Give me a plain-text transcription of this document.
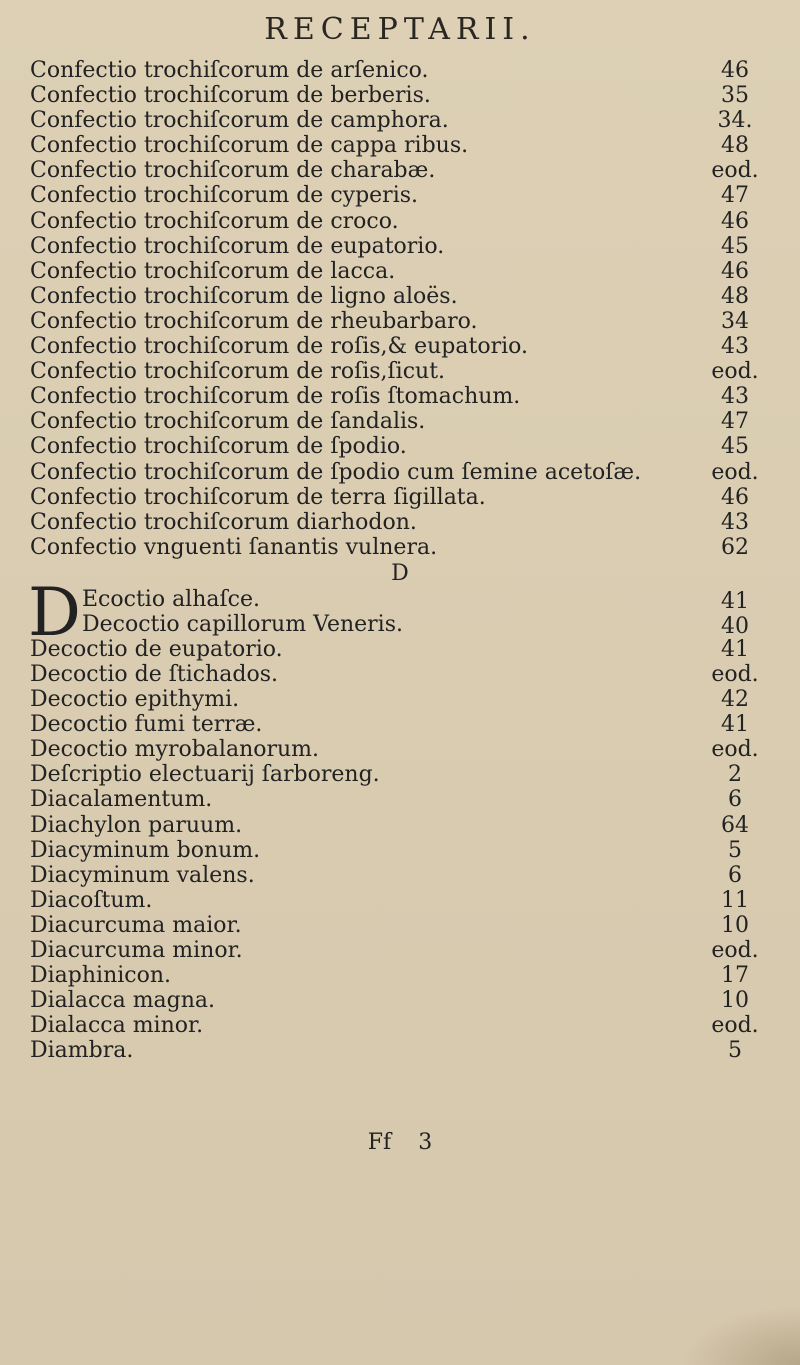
RECEPTARII.
Confectio trochiſcorum de arſenico.	46
Confectio trochiſcorum de berberis.	35
Confectio trochiſcorum de camphora.	34.
Confectio trochiſcorum de cappa ribus.	48
Confectio trochiſcorum de charabæ.	eod.
Confectio trochiſcorum de cyperis.	47
Confectio trochiſcorum de croco.	46
Confectio trochiſcorum de eupatorio.	45
Confectio trochiſcorum de lacca.	46
Confectio trochiſcorum de ligno aloës.	48
Confectio trochiſcorum de rheubarbaro.	34
Confectio trochiſcorum de roſis,& eupatorio.	43
Confectio trochiſcorum de roſis,ſicut.	eod.
Confectio trochiſcorum de roſis ſtomachum.	43
Confectio trochiſcorum de ſandalis.	47
Confectio trochiſcorum de ſpodio.	45
Confectio trochiſcorum de ſpodio cum ſemine acetoſæ.	eod.
Confectio trochiſcorum de terra ſigillata.	46
Confectio trochiſcorum diarhodon.	43
Confectio vnguenti ſanantis vulnera.	62
D
D Ecoctio alhaſce.	41
Decoctio capillorum Veneris.	40
Decoctio de eupatorio.	41
Decoctio de ſtichados.	eod.
Decoctio epithymi.	42
Decoctio fumi terræ.	41
Decoctio myrobalanorum.	eod.
Deſcriptio electuarij ſarboreng.	2
Diacalamentum.	6
Diachylon paruum.	64
Diacyminum bonum.	5
Diacyminum valens.	6
Diacoſtum.	11
Diacurcuma maior.	10
Diacurcuma minor.	eod.
Diaphinicon.	17
Dialacca magna.	10
Dialacca minor.	eod.
Diambra.	5
Ff 3
